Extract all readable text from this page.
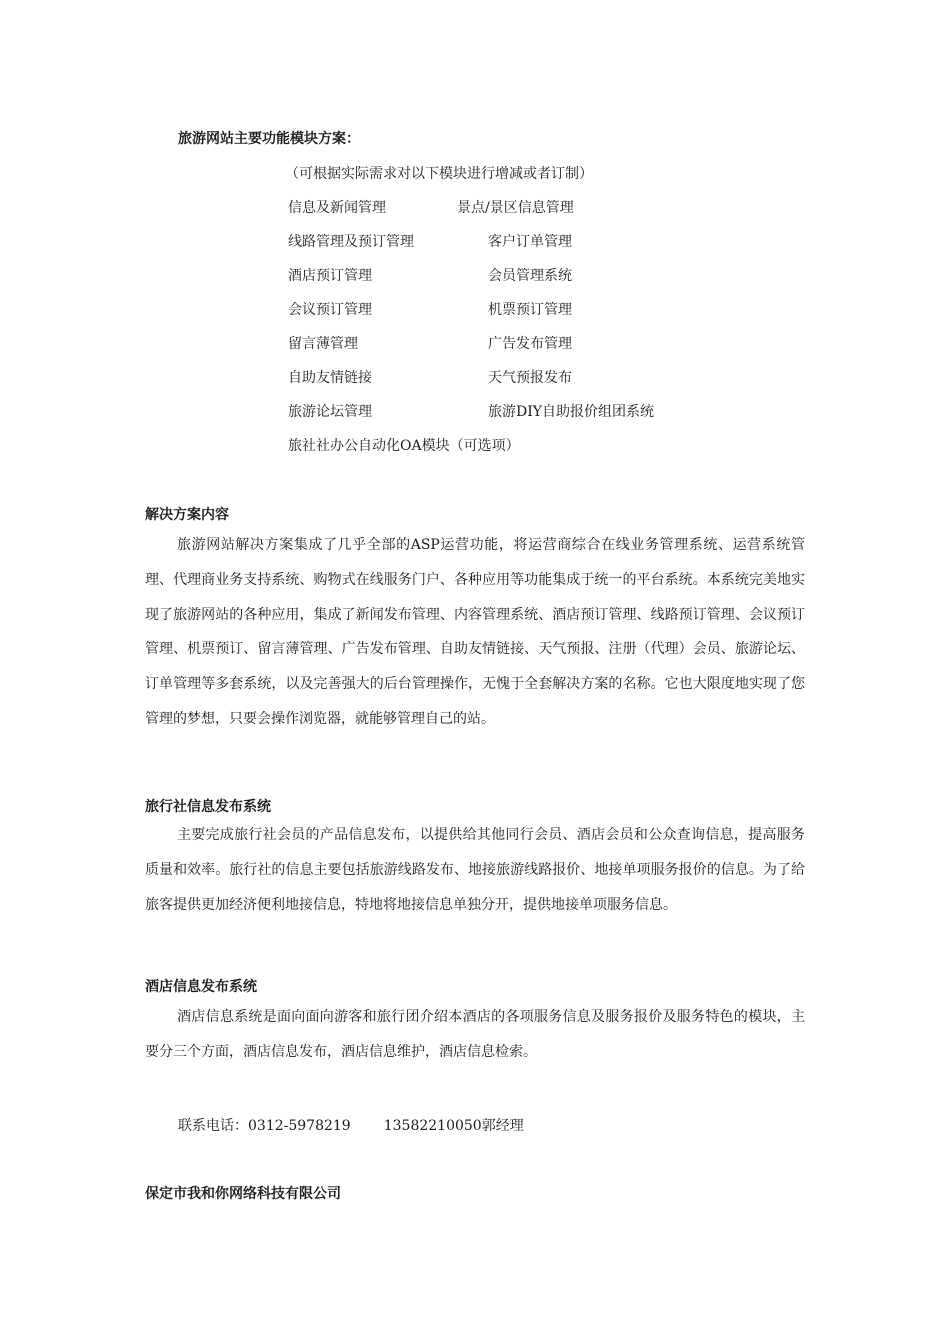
旅游网站主要功能模块方案：
（可根据实际需求对以下模块进行增减或者订制）
信息及新闻管理	景点/景区信息管理
线路管理及预订管理	客户订单管理
酒店预订管理	会员管理系统
会议预订管理	机票预订管理
留言薄管理	广告发布管理
自助友情链接	天气预报发布
旅游论坛管理	旅游DIY自助报价组团系统
旅社社办公自动化OA模块（可选项）
解决方案内容
旅游网站解决方案集成了几乎全部的ASP运营功能，将运营商综合在线业务管理系统、运营系统管理、代理商业务支持系统、购物式在线服务门户、各种应用等功能集成于统一的平台系统。本系统完美地实现了旅游网站的各种应用，集成了新闻发布管理、内容管理系统、酒店预订管理、线路预订管理、会议预订管理、机票预订、留言薄管理、广告发布管理、自助友情链接、天气预报、注册（代理）会员、旅游论坛、订单管理等多套系统，以及完善强大的后台管理操作，无愧于全套解决方案的名称。它也大限度地实现了您管理的梦想，只要会操作浏览器，就能够管理自己的站。
旅行社信息发布系统
主要完成旅行社会员的产品信息发布，以提供给其他同行会员、酒店会员和公众查询信息，提高服务质量和效率。旅行社的信息主要包括旅游线路发布、地接旅游线路报价、地接单项服务报价的信息。为了给旅客提供更加经济便利地接信息，特地将地接信息单独分开，提供地接单项服务信息。
酒店信息发布系统
酒店信息系统是面向面向游客和旅行团介绍本酒店的各项服务信息及服务报价及服务特色的模块，主要分三个方面，酒店信息发布，酒店信息维护，酒店信息检索。
联系电话：0312-5978219 13582210050郭经理
保定市我和你网络科技有限公司
